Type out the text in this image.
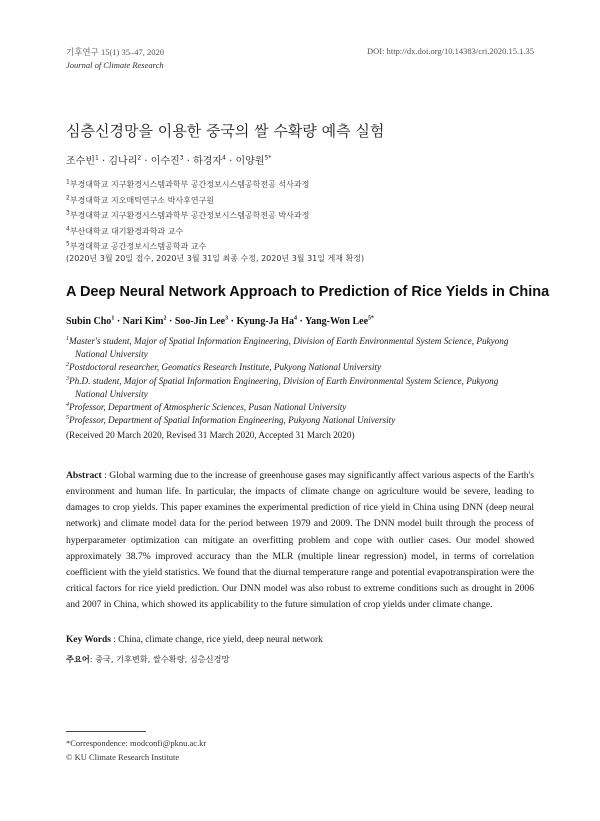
기후연구 15(1) 35–47, 2020
Journal of Climate Research
DOI: http://dx.doi.org/10.14383/cri.2020.15.1.35
심층신경망을 이용한 중국의 쌀 수확량 예측 실험
조수빈$^1$ · 김나리$^2$ · 이수진$^3$ · 하경자$^4$ · 이양원$^{5*}$
$^1$부경대학교 지구환경시스템과학부 공간정보시스템공학전공 석사과정
$^2$부경대학교 지오매틱연구소 박사후연구원
$^3$부경대학교 지구환경시스템과학부 공간정보시스템공학전공 박사과정
$^4$부산대학교 대기환경과학과 교수
$^5$부경대학교 공간정보시스템공학과 교수
(2020년 3월 20일 접수, 2020년 3월 31일 최종 수정, 2020년 3월 31일 게재 확정)
A Deep Neural Network Approach to Prediction of Rice Yields in China
Subin Cho$^1$ · Nari Kim$^2$ · Soo-Jin Lee$^3$ · Kyung-Ja $Ha^4$ · Yang-Won Lee$^{5*}$
$^1$Master's student, Major of Spatial Information Engineering, Division of Earth Environmental System Science, Pukyong
National University
$^2$Postdoctoral researcher, Geomatics Research Institute, Pukyong National University
$^3$Ph.D. student, Major of Spatial Information Engineering, Division of Earth Environmental System Science, Pukyong
National University
$^4$Professor, Department of Atmospheric Sciences, Pusan National University
$^5$Professor, Department of Spatial Information Engineering, Pukyong National University
(Received 20 March 2020, Revised 31 March 2020, Accepted 31 March 2020)
Abstract : Global warming due to the increase of greenhouse gases may significantly affect various aspects of the Earth's environment and human life. In particular, the impacts of climate change on agriculture would be severe, leading to damages to crop yields. This paper examines the experimental prediction of rice yield in China using DNN (deep neural network) and climate model data for the period between 1979 and 2009. The DNN model built through the process of hyperparameter optimization can mitigate an overfitting problem and cope with outlier cases. Our model showed approximately 38.7% improved accuracy than the MLR (multiple linear regression) model, in terms of correlation coefficient with the yield statistics. We found that the diurnal temperature range and potential evapotranspiration were the critical factors for rice yield prediction. Our DNN model was also robust to extreme conditions such as drought in 2006 and 2007 in China, which showed its applicability to the future simulation of crop yields under climate change.
Key Words : China, climate change, rice yield, deep neural network
주요어: 중국, 기후변화, 쌀수확량, 심층신경망
*Correspondence: modconfi@pknu.ac.kr
© KU Climate Research Institute
